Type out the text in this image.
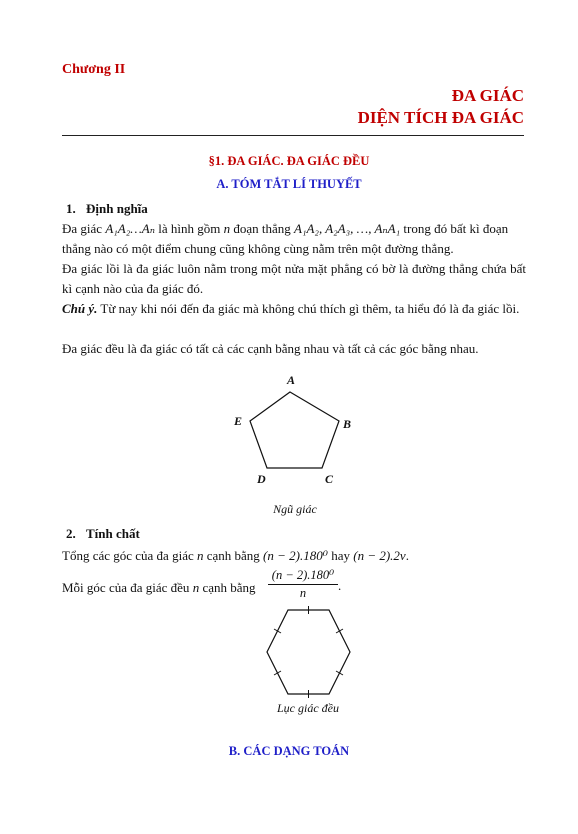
Chương II
ĐA GIÁC
DIỆN TÍCH ĐA GIÁC
§1. ĐA GIÁC. ĐA GIÁC ĐỀU
A. TÓM TẮT LÍ THUYẾT
1. Định nghĩa
Đa giác A₁A₂…Aₙ là hình gồm n đoạn thẳng A₁A₂, A₂A₃, …, AₙA₁ trong đó bất kì đoạn
thẳng nào có một điểm chung cũng không cùng nằm trên một đường thẳng.
Đa giác lồi là đa giác luôn nằm trong một nửa mặt phẳng có bờ là đường thẳng chứa bất kì cạnh nào của đa giác đó.
Chú ý. Từ nay khi nói đến đa giác mà không chú thích gì thêm, ta hiểu đó là đa giác lồi.
Đa giác đều là đa giác có tất cả các cạnh bằng nhau và tất cả các góc bằng nhau.
A
B
C
D
E
Ngũ giác
2. Tính chất
Tổng các góc của đa giác n cạnh bằng (n − 2).180⁰ hay (n − 2).2v.
Mỗi góc của đa giác đều n cạnh bằng	$\frac{\text{(n − 2).180⁰}}{n}$ .
Lục giác đều
B. CÁC DẠNG TOÁN
